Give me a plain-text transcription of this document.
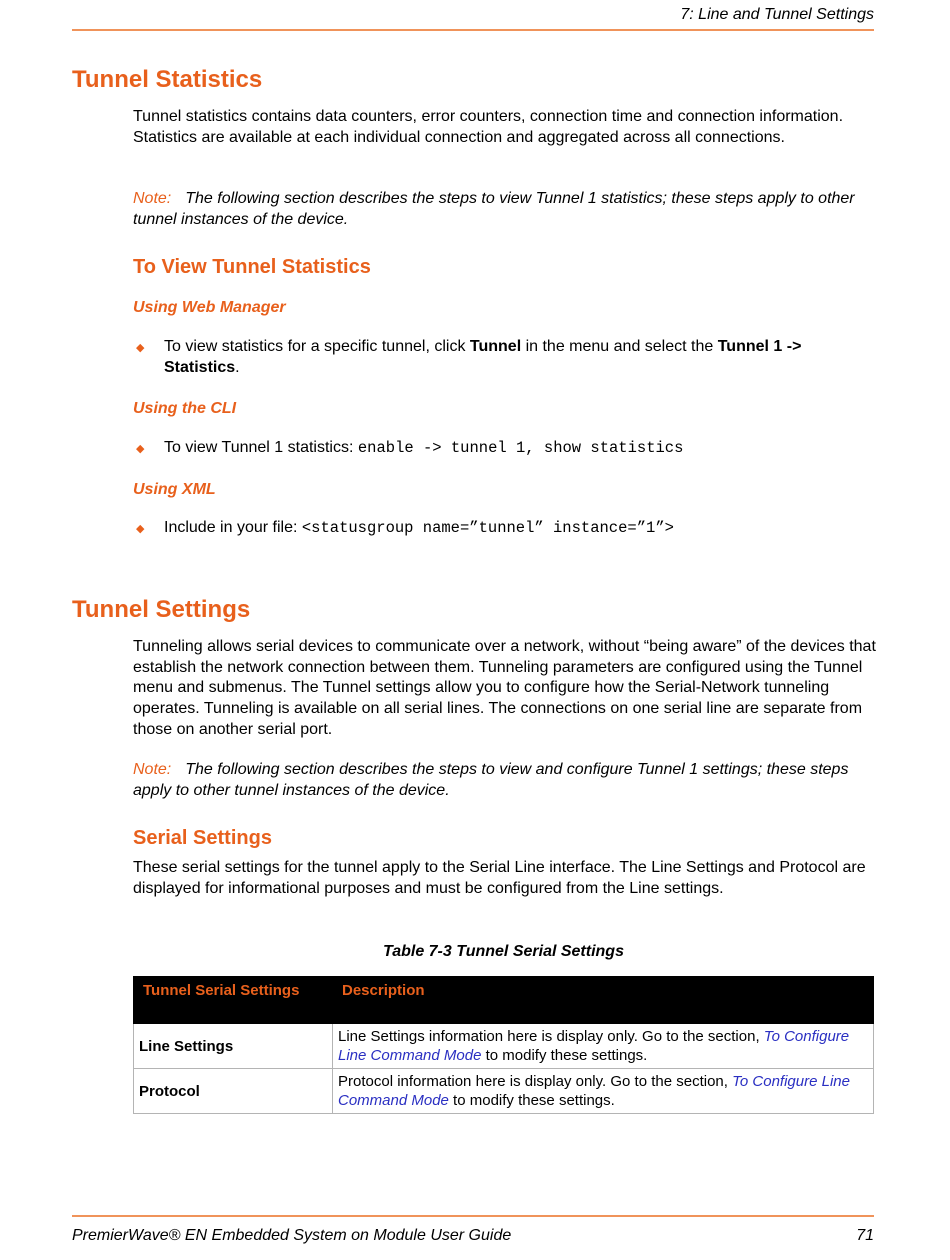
7: Line and Tunnel Settings
Tunnel Statistics
Tunnel statistics contains data counters, error counters, connection time and connection information. Statistics are available at each individual connection and aggregated across all connections.
Note: The following section describes the steps to view Tunnel 1 statistics; these steps apply to other tunnel instances of the device.
To View Tunnel Statistics
Using Web Manager
◆ To view statistics for a specific tunnel, click Tunnel in the menu and select the Tunnel 1 -> Statistics.
Using the CLI
◆ To view Tunnel 1 statistics: enable -> tunnel 1, show statistics
Using XML
◆ Include in your file: <statusgroup name=”tunnel” instance=”1”>
Tunnel Settings
Tunneling allows serial devices to communicate over a network, without “being aware” of the devices that establish the network connection between them. Tunneling parameters are configured using the Tunnel menu and submenus. The Tunnel settings allow you to configure how the Serial-Network tunneling operates. Tunneling is available on all serial lines. The connections on one serial line are separate from those on another serial port.
Note: The following section describes the steps to view and configure Tunnel 1 settings; these steps apply to other tunnel instances of the device.
Serial Settings
These serial settings for the tunnel apply to the Serial Line interface. The Line Settings and Protocol are displayed for informational purposes and must be configured from the Line settings.
Table 7-3 Tunnel Serial Settings
Tunnel Serial Settings	Description
Line Settings	Line Settings information here is display only. Go to the section, To Configure Line Command Mode to modify these settings.
Protocol	Protocol information here is display only. Go to the section, To Configure Line Command Mode to modify these settings.
PremierWave® EN Embedded System on Module User Guide	71
